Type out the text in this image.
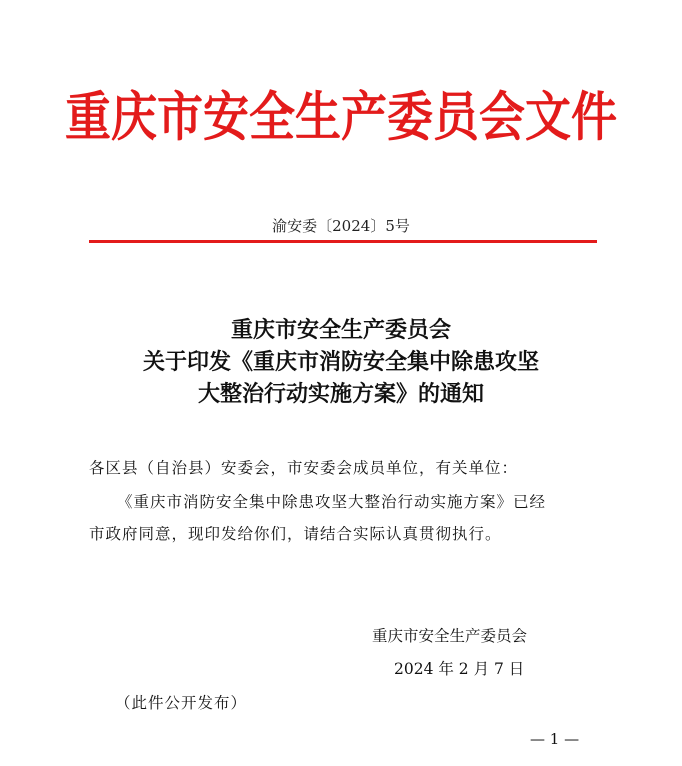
重庆市安全生产委员会文件
渝安委〔2024〕5号
重庆市安全生产委员会
关于印发《重庆市消防安全集中除患攻坚
大整治行动实施方案》的通知
各区县（自治县）安委会，市安委会成员单位，有关单位：
《重庆市消防安全集中除患攻坚大整治行动实施方案》已经
市政府同意，现印发给你们，请结合实际认真贯彻执行。
重庆市安全生产委员会
2024 年 2 月 7 日
（此件公开发布）
— 1 —
